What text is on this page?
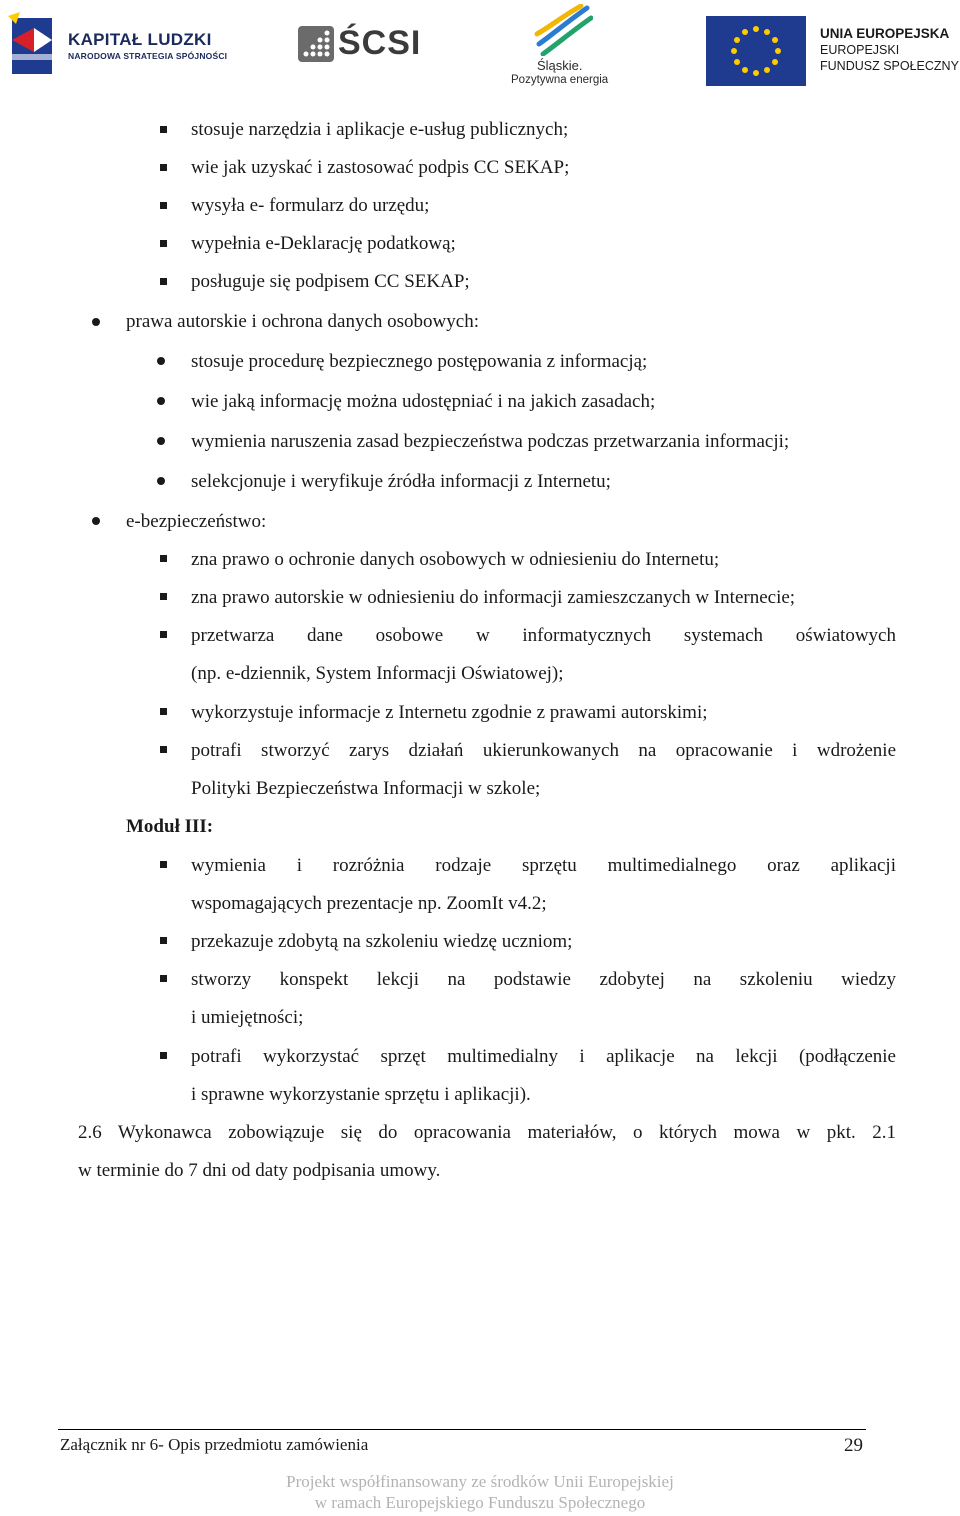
KAPITAŁ LUDZKI
NARODOWA STRATEGIA SPÓJNOŚCI	ŚCSI
Śląskie.
Pozytywna energia
UNIA EUROPEJSKA
EUROPEJSKI
FUNDUSZ SPOŁECZNY
stosuje narzędzia i aplikacje e-usług publicznych;
wie jak uzyskać i zastosować podpis CC SEKAP;
wysyła e- formularz do urzędu;
wypełnia e-Deklarację podatkową;
posługuje się podpisem CC SEKAP;
prawa autorskie i ochrona danych osobowych:
stosuje procedurę bezpiecznego postępowania z informacją;
wie jaką informację można udostępniać i na jakich zasadach;
wymienia naruszenia zasad bezpieczeństwa podczas przetwarzania informacji;
selekcjonuje i weryfikuje źródła informacji z Internetu;
e-bezpieczeństwo:
zna prawo o ochronie danych osobowych w odniesieniu do Internetu;
zna prawo autorskie w odniesieniu do informacji zamieszczanych w Internecie;
przetwarza dane osobowe w informatycznych systemach oświatowych
(np. e-dziennik, System Informacji Oświatowej);
wykorzystuje informacje z Internetu zgodnie z prawami autorskimi;
potrafi stworzyć zarys działań ukierunkowanych na opracowanie i wdrożenie
Polityki Bezpieczeństwa Informacji w szkole;
Moduł III:
wymienia i rozróżnia rodzaje sprzętu multimedialnego oraz aplikacji
wspomagających prezentacje np. ZoomIt v4.2;
przekazuje zdobytą na szkoleniu wiedzę uczniom;
stworzy konspekt lekcji na podstawie zdobytej na szkoleniu wiedzy
i umiejętności;
potrafi wykorzystać sprzęt multimedialny i aplikacje na lekcji (podłączenie
i sprawne wykorzystanie sprzętu i aplikacji).
2.6 Wykonawca zobowiązuje się do opracowania materiałów, o których mowa w pkt. 2.1
w terminie do 7 dni od daty podpisania umowy.
Załącznik nr 6- Opis przedmiotu zamówienia	29
Projekt współfinansowany ze środków Unii Europejskiej
w ramach Europejskiego Funduszu Społecznego
